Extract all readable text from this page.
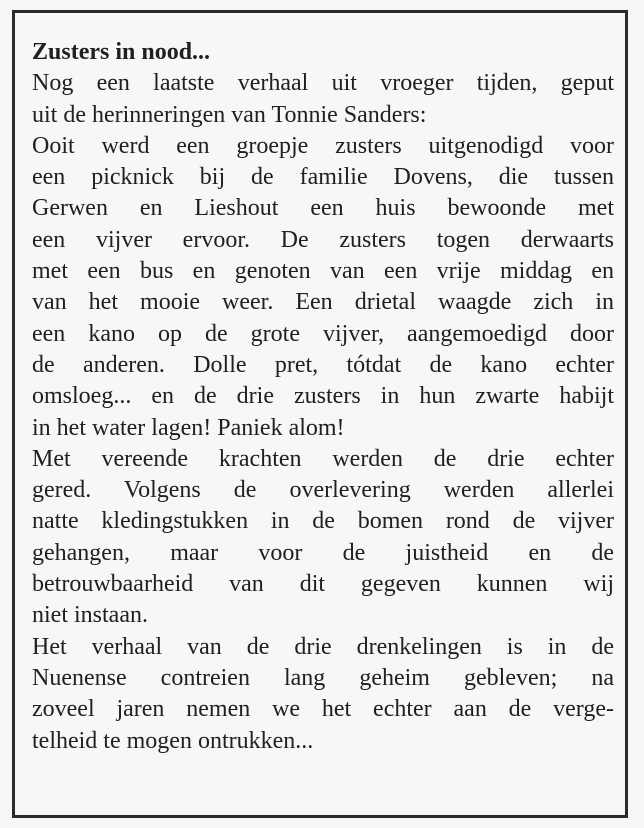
Zusters in nood...
Nog een laatste verhaal uit vroeger tijden, geput
uit de herinneringen van Tonnie Sanders:
Ooit werd een groepje zusters uitgenodigd voor
een picknick bij de familie Dovens, die tussen
Gerwen en Lieshout een huis bewoonde met
een vijver ervoor. De zusters togen derwaarts
met een bus en genoten van een vrije middag en
van het mooie weer. Een drietal waagde zich in
een kano op de grote vijver, aangemoedigd door
de anderen. Dolle pret, tótdat de kano echter
omsloeg... en de drie zusters in hun zwarte habijt
in het water lagen! Paniek alom!
Met vereende krachten werden de drie echter
gered. Volgens de overlevering werden allerlei
natte kledingstukken in de bomen rond de vijver
gehangen, maar voor de juistheid en de
betrouwbaarheid van dit gegeven kunnen wij
niet instaan.
Het verhaal van de drie drenkelingen is in de
Nuenense contreien lang geheim gebleven; na
zoveel jaren nemen we het echter aan de verge-
telheid te mogen ontrukken...
